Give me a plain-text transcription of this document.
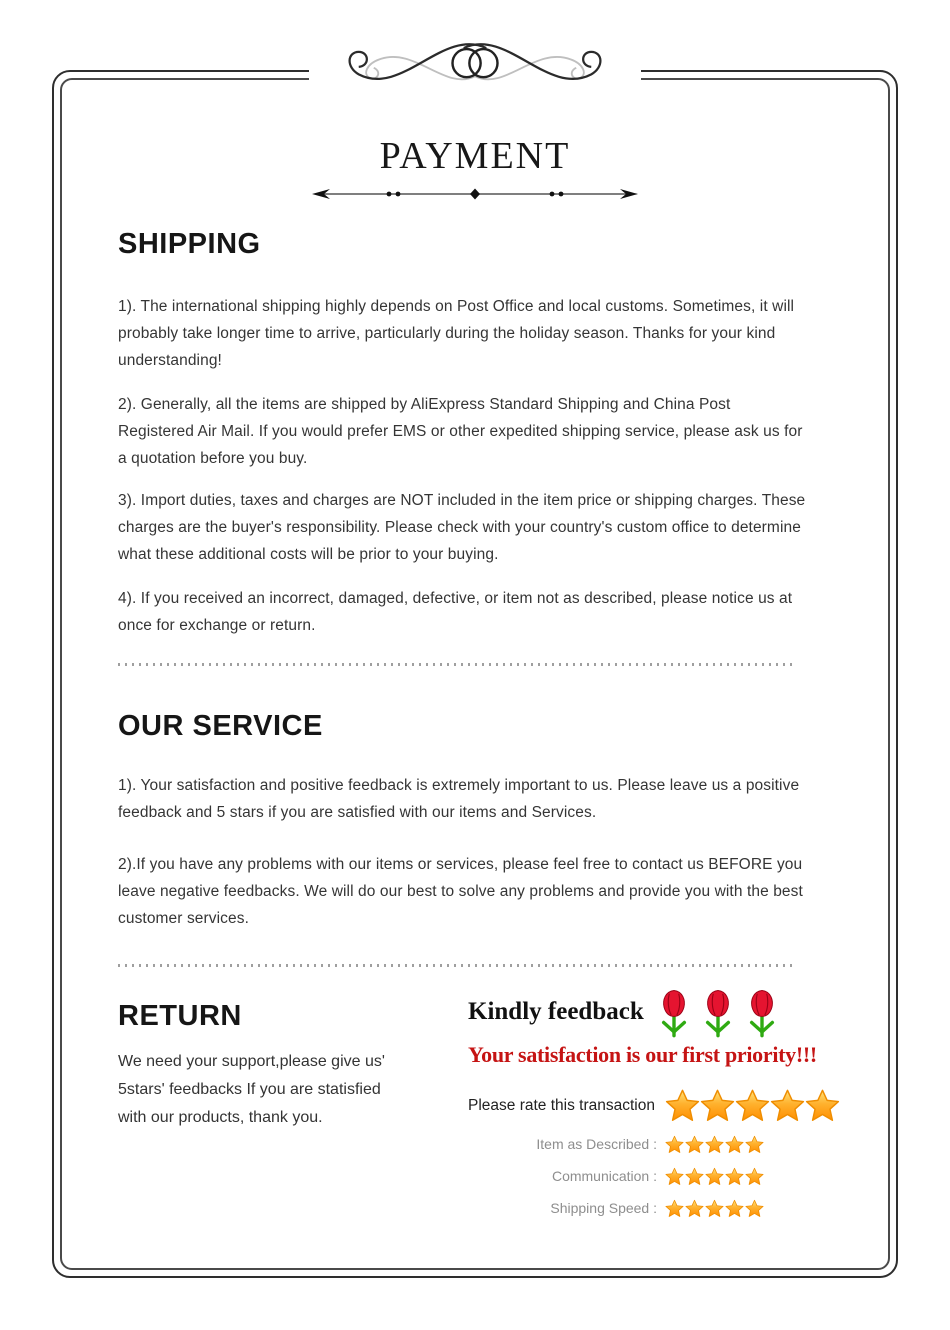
PAYMENT
SHIPPING

1). The international shipping highly depends on Post Office and local customs. Sometimes, it will probably take longer time to arrive, particularly during the holiday season. Thanks for your kind understanding!

2). Generally, all the items are shipped by AliExpress Standard Shipping and China Post Registered Air Mail. If you would prefer EMS or other expedited shipping service, please ask us for a quotation before you buy.

3). Import duties, taxes and charges are NOT included in the item price or shipping charges. These charges are the buyer's responsibility. Please check with your country's custom office to determine what these additional costs will be prior to your buying.

4). If you received an incorrect, damaged, defective, or item not as described, please notice us at once for exchange or return.

OUR SERVICE

1). Your satisfaction and positive feedback is extremely important to us. Please leave us a positive feedback and 5 stars if you are satisfied with our items and Services.

2).If you have any problems with our items or services, please feel free to contact us BEFORE you leave negative feedbacks. We will do our best to solve any problems and provide you with the best customer services.

RETURN
We need your support,please give us'
5stars' feedbacks If you are statisfied
with our products, thank you.
Kindly feedback
Your satisfaction is our first priority!!!
Please rate this transaction
Item as Described :
Communication :
Shipping Speed :
